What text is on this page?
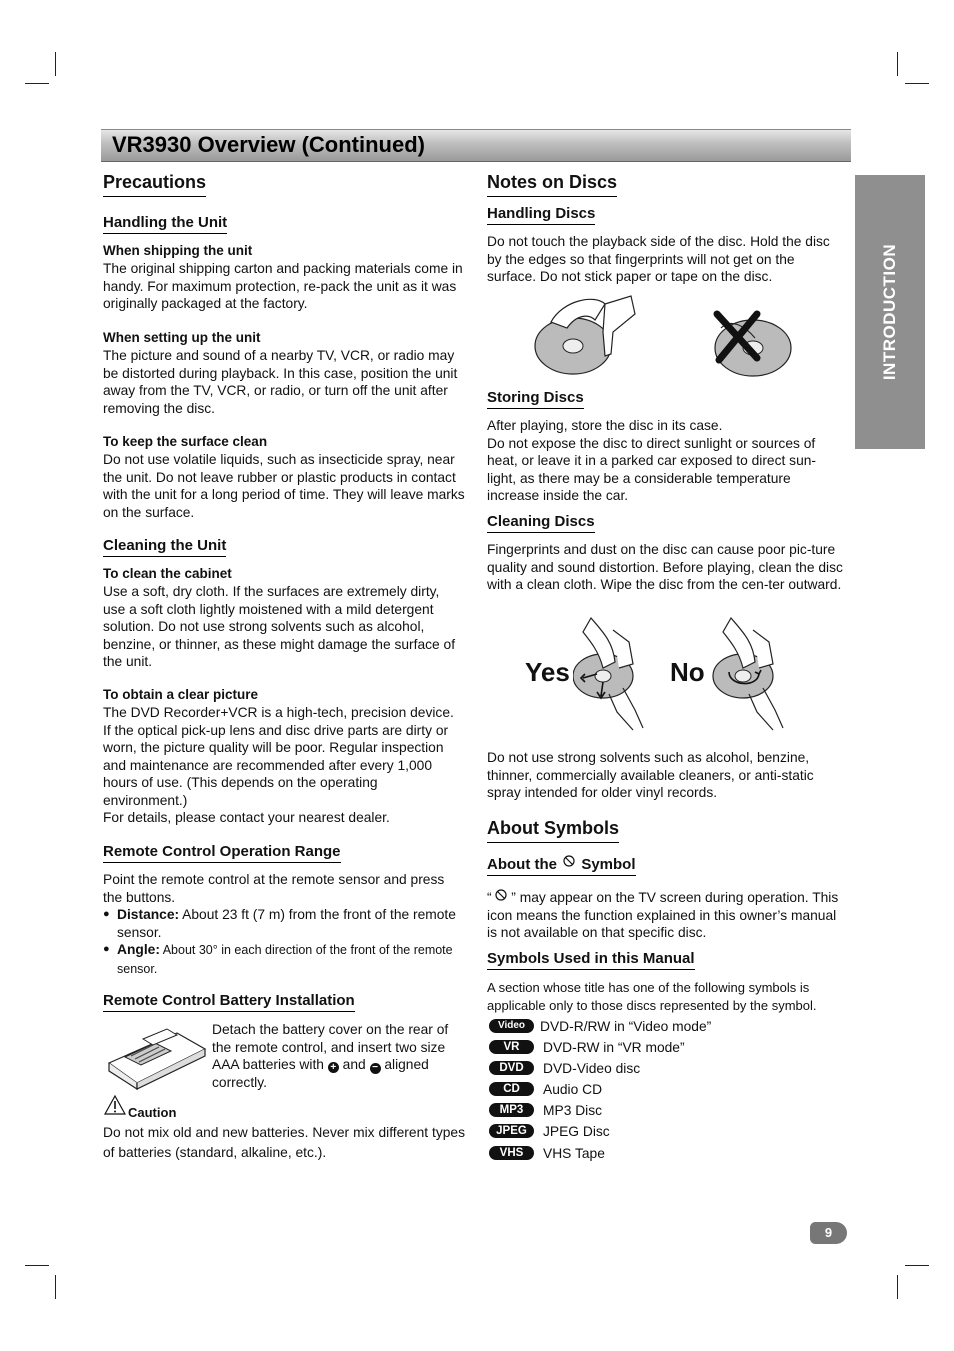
VR3930 Overview (Continued)
INTRODUCTION
Precautions
Handling the Unit
When shipping the unit

The original shipping carton and packing materials come in handy. For maximum protection, re-pack the unit as it was originally packaged at the factory.

When setting up the unit

The picture and sound of a nearby TV, VCR, or radio may be distorted during playback. In this case, position the unit away from the TV, VCR, or radio, or turn off the unit after removing the disc.

To keep the surface clean

Do not use volatile liquids, such as insecticide spray, near the unit. Do not leave rubber or plastic products in contact with the unit for a long period of time. They will leave marks on the surface.

Cleaning the Unit
To clean the cabinet

Use a soft, dry cloth. If the surfaces are extremely dirty, use a soft cloth lightly moistened with a mild detergent solution. Do not use strong solvents such as alcohol, benzine, or thinner, as these might damage the surface of the unit.

To obtain a clear picture

The DVD Recorder+VCR is a high-tech, precision device. If the optical pick-up lens and disc drive parts are dirty or worn, the picture quality will be poor. Regular inspection and maintenance are recommended after every 1,000 hours of use. (This depends on the operating environment.)

For details, please contact your nearest dealer.

Remote Control Operation Range

Point the remote control at the remote sensor and press the buttons.

● Distance: About 23 ft (7 m) from the front of the remote sensor.
● Angle: About 30° in each direction of the front of the remote sensor.
Remote Control Battery Installation

Detach the battery cover on the rear of the remote control, and insert two size AAA batteries with + and − aligned correctly.

Caution

Do not mix old and new batteries. Never mix different types of batteries (standard, alkaline, etc.).

Notes on Discs
Handling Discs

Do not touch the playback side of the disc. Hold the disc by the edges so that fingerprints will not get on the surface. Do not stick paper or tape on the disc.

Storing Discs

After playing, store the disc in its case.

Do not expose the disc to direct sunlight or sources of heat, or leave it in a parked car exposed to direct sun-light, as there may be a considerable temperature increase inside the car.

Cleaning Discs

Fingerprints and dust on the disc can cause poor pic-ture quality and sound distortion. Before playing, clean the disc with a clean cloth. Wipe the disc from the cen-ter outward.

Yes	No

Do not use strong solvents such as alcohol, benzine, thinner, commercially available cleaners, or anti-static spray intended for older vinyl records.

About Symbols
About the  Symbol

“  ” may appear on the TV screen during operation. This icon means the function explained in this owner’s manual is not available on that specific disc.

Symbols Used in this Manual

A section whose title has one of the following symbols is applicable only to those discs represented by the symbol.

Video	DVD-R/RW in “Video mode”
VR	DVD-RW in “VR mode”
DVD	DVD-Video disc
CD	Audio CD
MP3	MP3 Disc
JPEG	JPEG Disc
VHS	VHS Tape
9
